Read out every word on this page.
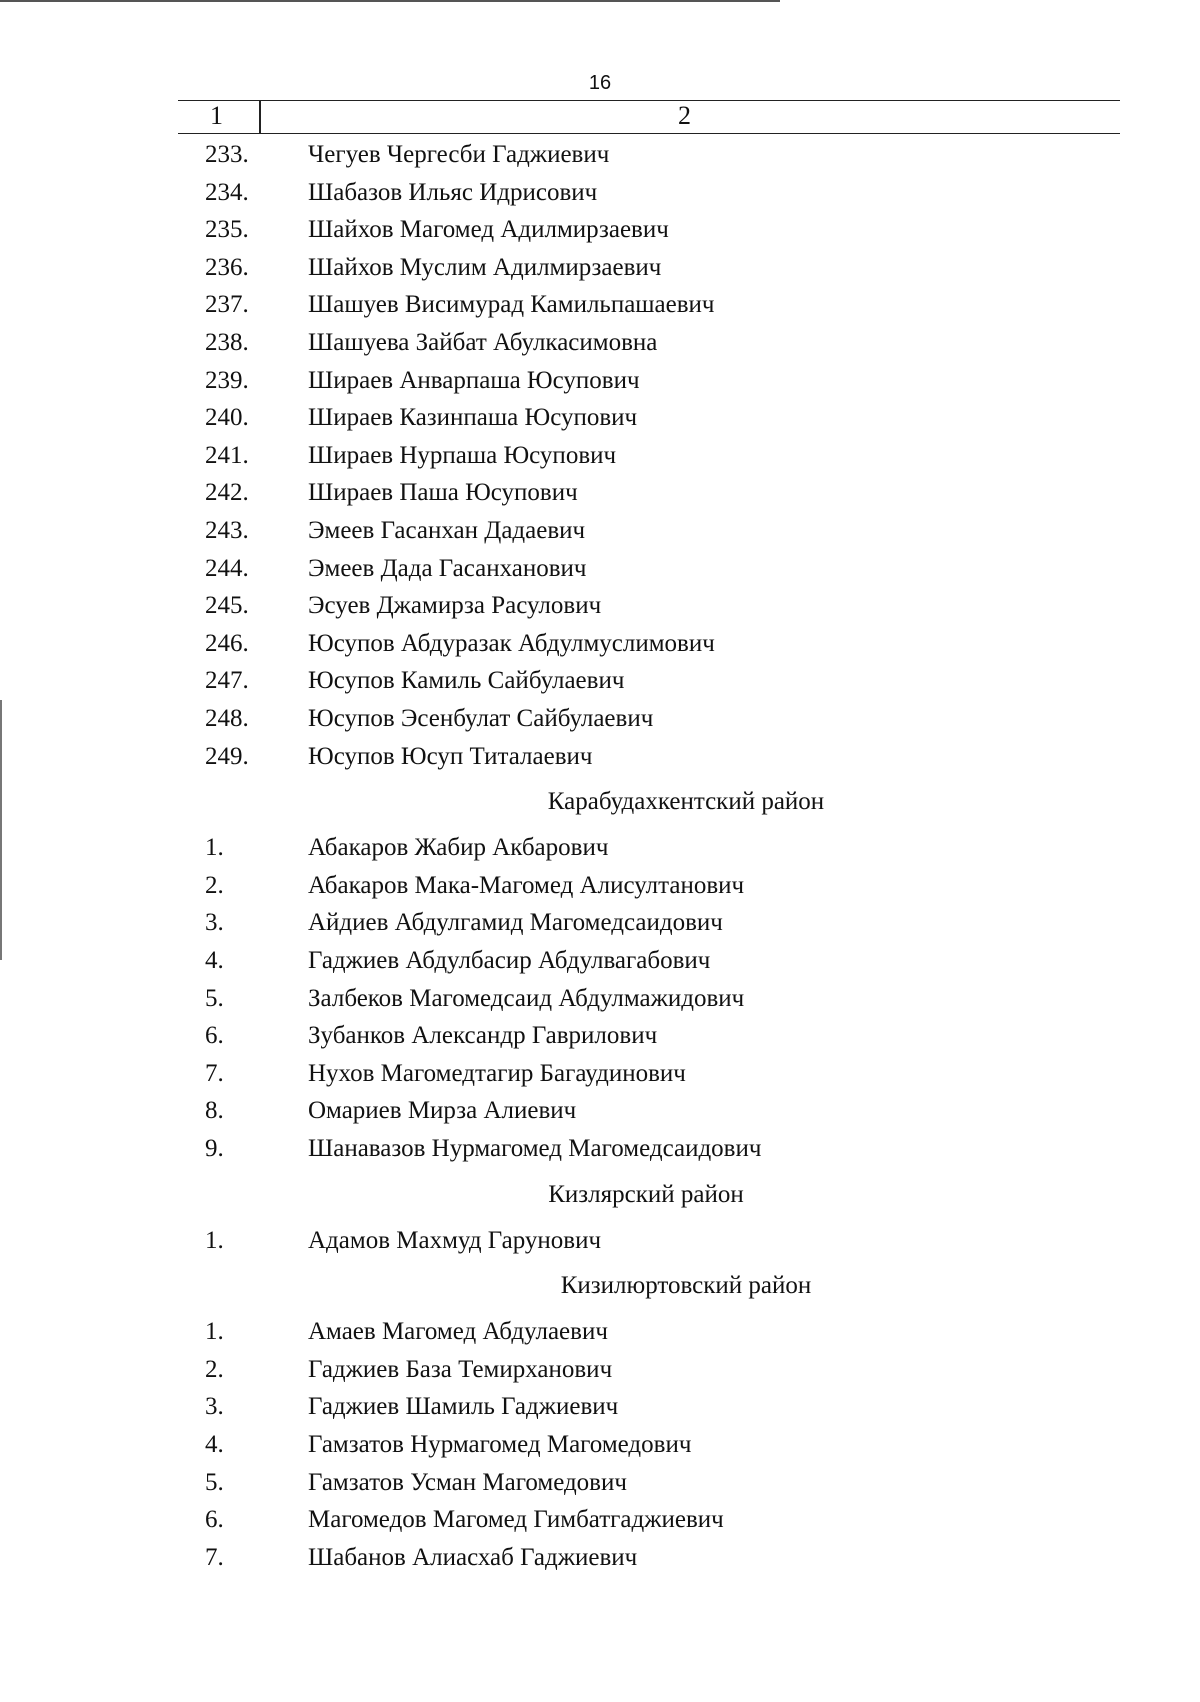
16
1	2
233. Чегуев Чергесби Гаджиевич
234. Шабазов Ильяс Идрисович
235. Шайхов Магомед Адилмирзаевич
236. Шайхов Муслим Адилмирзаевич
237. Шашуев Висимурад Камильпашаевич
238. Шашуева Зайбат Абулкасимовна
239. Шираев Анварпаша Юсупович
240. Шираев Казинпаша Юсупович
241. Шираев Нурпаша Юсупович
242. Шираев Паша Юсупович
243. Эмеев Гасанхан Дадаевич
244. Эмеев Дада Гасанханович
245. Эсуев Джамирза Расулович
246. Юсупов Абдуразак Абдулмуслимович
247. Юсупов Камиль Сайбулаевич
248. Юсупов Эсенбулат Сайбулаевич
249. Юсупов Юсуп Титалаевич
Карабудахкентский район
1.	Абакаров Жабир Акбарович
2.	Абакаров Мака-Магомед Алисултанович
3.	Айдиев Абдулгамид Магомедсаидович
4.	Гаджиев Абдулбасир Абдулвагабович
5.	Залбеков Магомедсаид Абдулмажидович
6.	Зубанков Александр Гаврилович
7.	Нухов Магомедтагир Багаудинович
8.	Омариев Мирза Алиевич
9.	Шанавазов Нурмагомед Магомедсаидович
Кизлярский район
1.	Адамов Махмуд Гарунович
Кизилюртовский район
1.	Амаев Магомед Абдулаевич
2.	Гаджиев База Темирханович
3.	Гаджиев Шамиль Гаджиевич
4.	Гамзатов Нурмагомед Магомедович
5.	Гамзатов Усман Магомедович
6.	Магомедов Магомед Гимбатгаджиевич
7.	Шабанов Алиасхаб Гаджиевич
